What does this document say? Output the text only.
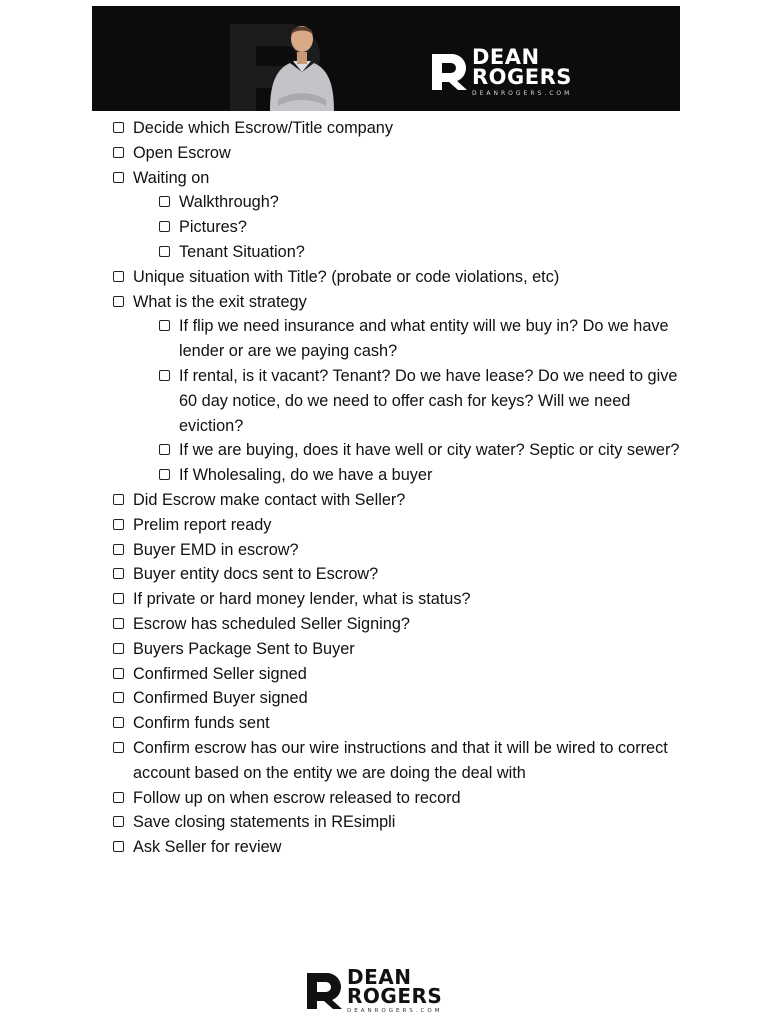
DEAN
ROGERS
DEANROGERS.COM
Decide which Escrow/Title company
Open Escrow
Waiting on
Walkthrough?
Pictures?
Tenant Situation?
Unique situation with Title? (probate or code violations, etc)
What is the exit strategy
If flip we need insurance and what entity will we buy in? Do we have lender or are we paying cash?
If rental, is it vacant? Tenant? Do we have lease? Do we need to give 60 day notice, do we need to offer cash for keys? Will we need eviction?
If we are buying, does it have well or city water? Septic or city sewer?
If Wholesaling, do we have a buyer
Did Escrow make contact with Seller?
Prelim report ready
Buyer EMD in escrow?
Buyer entity docs sent to Escrow?
If private or hard money lender, what is status?
Escrow has scheduled Seller Signing?
Buyers Package Sent to Buyer
Confirmed Seller signed
Confirmed Buyer signed
Confirm funds sent
Confirm escrow has our wire instructions and that it will be wired to correct account based on the entity we are doing the deal with
Follow up on when escrow released to record
Save closing statements in REsimpli
Ask Seller for review
DEAN
ROGERS
DEANROGERS.COM
